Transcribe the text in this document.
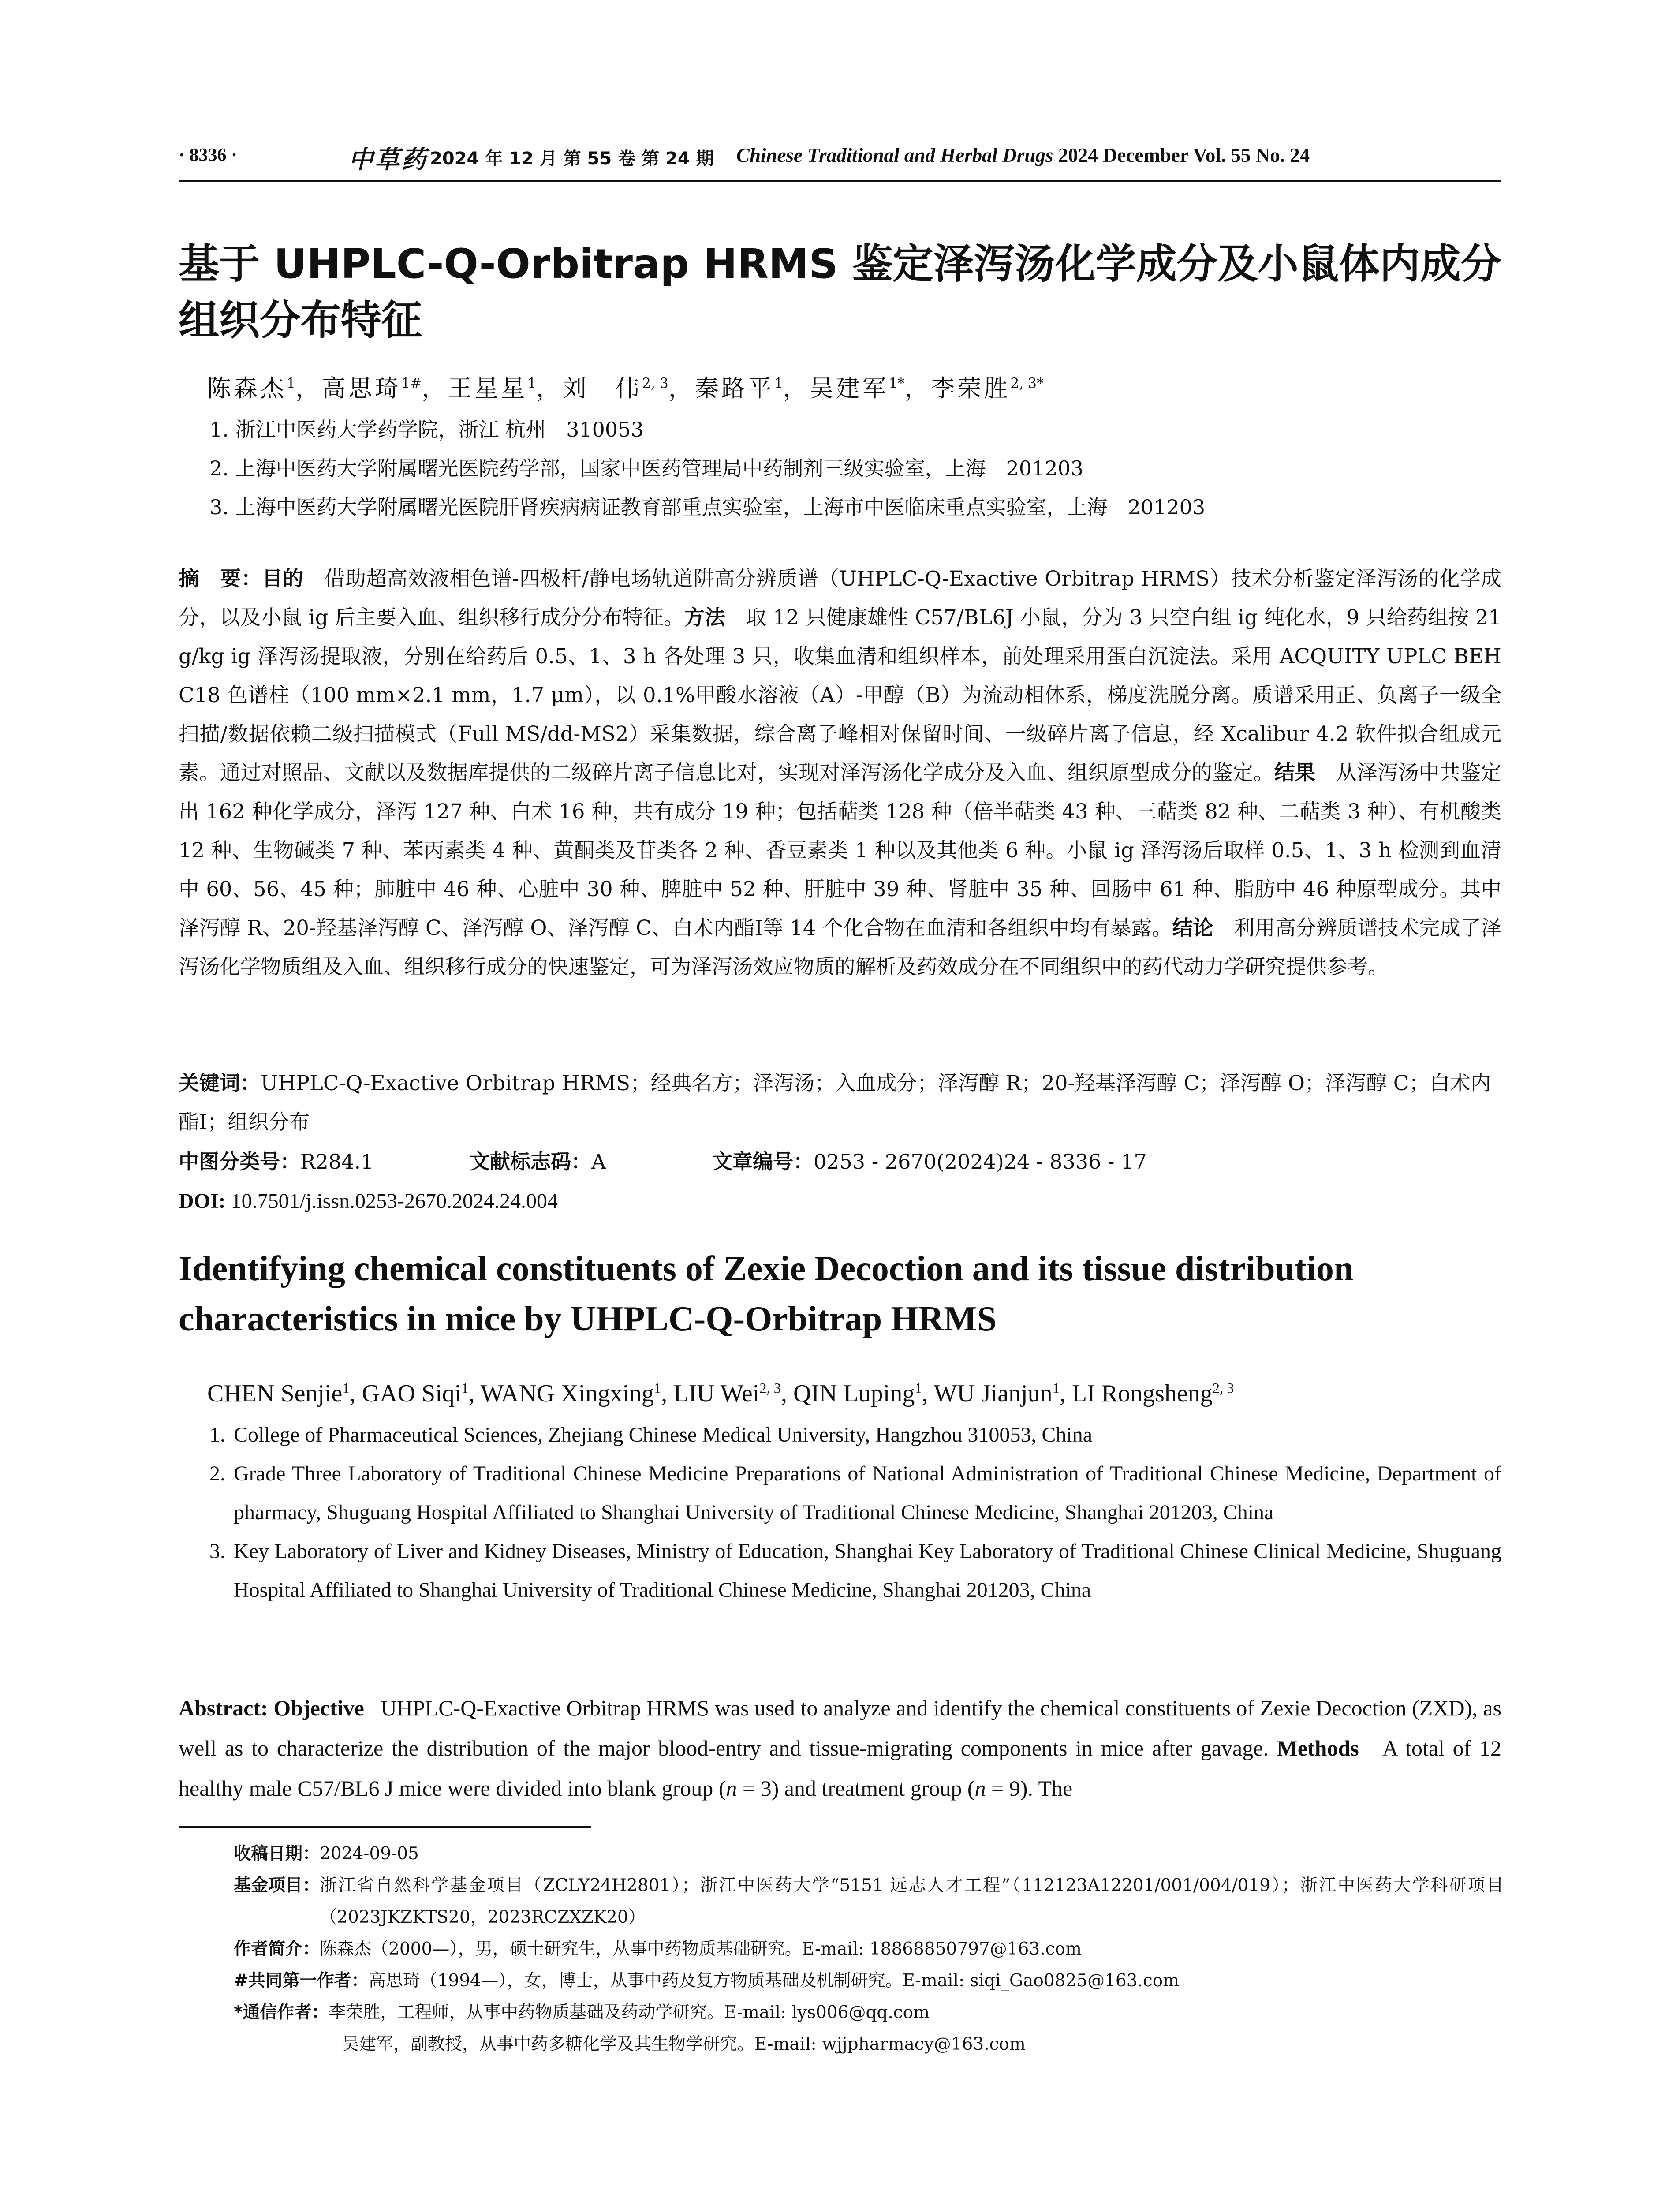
· 8336 ·	中草药 2024 年 12 月 第 55 卷 第 24 期 Chinese Traditional and Herbal Drugs 2024 December Vol. 55 No. 24
基于 UHPLC-Q-Orbitrap HRMS 鉴定泽泻汤化学成分及小鼠体内成分组织分布特征
陈森杰$^1$，高思琦$^{1\#}$，王星星$^1$，刘　伟$^{2, 3}$，秦路平$^1$，吴建军$^{1*}$，李荣胜$^{2, 3*}$
1. 浙江中医药大学药学院，浙江 杭州　310053
2. 上海中医药大学附属曙光医院药学部，国家中医药管理局中药制剂三级实验室，上海　201203
3. 上海中医药大学附属曙光医院肝肾疾病病证教育部重点实验室，上海市中医临床重点实验室，上海　201203
摘　要：目的　 借助超高效液相色谱-四极杆/静电场轨道阱高分辨质谱（UHPLC-Q-Exactive Orbitrap HRMS）技术分析鉴定泽泻汤的化学成分，以及小鼠 ig 后主要入血、组织移行成分分布特征。方法　 取 12 只健康雄性 C57/BL6J 小鼠，分为 3 只空白组 ig 纯化水，9 只给药组按 21 g/kg ig 泽泻汤提取液，分别在给药后 0.5、1、3 h 各处理 3 只，收集血清和组织样本，前处理采用蛋白沉淀法。采用 ACQUITY UPLC BEH C18 色谱柱（100 mm×2.1 mm，1.7 μm），以 0.1%甲酸水溶液（A）-甲醇（B）为流动相体系，梯度洗脱分离。质谱采用正、负离子一级全扫描/数据依赖二级扫描模式（Full MS/dd-MS2）采集数据，综合离子峰相对保留时间、一级碎片离子信息，经 Xcalibur 4.2 软件拟合组成元素。通过对照品、文献以及数据库提供的二级碎片离子信息比对，实现对泽泻汤化学成分及入血、组织原型成分的鉴定。结果　 从泽泻汤中共鉴定出 162 种化学成分，泽泻 127 种、白术 16 种，共有成分 19 种；包括萜类 128 种（倍半萜类 43 种、三萜类 82 种、二萜类 3 种）、有机酸类 12 种、生物碱类 7 种、苯丙素类 4 种、黄酮类及苷类各 2 种、香豆素类 1 种以及其他类 6 种。小鼠 ig 泽泻汤后取样 0.5、1、3 h 检测到血清中 60、56、45 种；肺脏中 46 种、心脏中 30 种、脾脏中 52 种、肝脏中 39 种、肾脏中 35 种、回肠中 61 种、脂肪中 46 种原型成分。其中泽泻醇 R、20-羟基泽泻醇 C、泽泻醇 O、泽泻醇 C、白术内酯Ⅰ等 14 个化合物在血清和各组织中均有暴露。结论　 利用高分辨质谱技术完成了泽泻汤化学物质组及入血、组织移行成分的快速鉴定，可为泽泻汤效应物质的解析及药效成分在不同组织中的药代动力学研究提供参考。
关键词：UHPLC-Q-Exactive Orbitrap HRMS；经典名方；泽泻汤；入血成分；泽泻醇 R；20-羟基泽泻醇 C；泽泻醇 O；泽泻醇 C；白术内酯Ⅰ；组织分布
中图分类号：R284.1	文献标志码：A	文章编号：0253 - 2670(2024)24 - 8336 - 17
DOI: 10.7501/j.issn.0253-2670.2024.24.004
Identifying chemical constituents of Zexie Decoction and its tissue distribution characteristics in mice by UHPLC-Q-Orbitrap HRMS
CHEN Senjie$^1$, GAO Siqi$^1$, WANG Xingxing$^1$, LIU Wei$^{2, 3}$, QIN Luping$^1$, WU Jianjun$^1$, LI Rongsheng$^{2, 3}$
1. College of Pharmaceutical Sciences, Zhejiang Chinese Medical University, Hangzhou 310053, China
2. Grade Three Laboratory of Traditional Chinese Medicine Preparations of National Administration of Traditional Chinese Medicine, Department of pharmacy, Shuguang Hospital Affiliated to Shanghai University of Traditional Chinese Medicine, Shanghai 201203, China
3. Key Laboratory of Liver and Kidney Diseases, Ministry of Education, Shanghai Key Laboratory of Traditional Chinese Clinical Medicine, Shuguang Hospital Affiliated to Shanghai University of Traditional Chinese Medicine, Shanghai 201203, China
Abstract: Objective UHPLC-Q-Exactive Orbitrap HRMS was used to analyze and identify the chemical constituents of Zexie Decoction (ZXD), as well as to characterize the distribution of the major blood-entry and tissue-migrating components in mice after gavage. Methods A total of 12 healthy male C57/BL6 J mice were divided into blank group (n = 3) and treatment group (n = 9). The
收稿日期： 2024-09-05
基金项目： 浙江省自然科学基金项目（ZCLY24H2801）；浙江中医药大学“5151 远志人才工程”（112123A12201/001/004/019）；浙江中医药大学科研项目（2023JKZKTS20，2023RCZXZK20）
作者简介： 陈森杰（2000—），男，硕士研究生，从事中药物质基础研究。E-mail: 18868850797@163.com
#共同第一作者： 高思琦（1994—），女，博士，从事中药及复方物质基础及机制研究。E-mail: siqi_Gao0825@163.com
*通信作者： 李荣胜，工程师，从事中药物质基础及药动学研究。E-mail: lys006@qq.com
吴建军，副教授，从事中药多糖化学及其生物学研究。E-mail: wjjpharmacy@163.com
